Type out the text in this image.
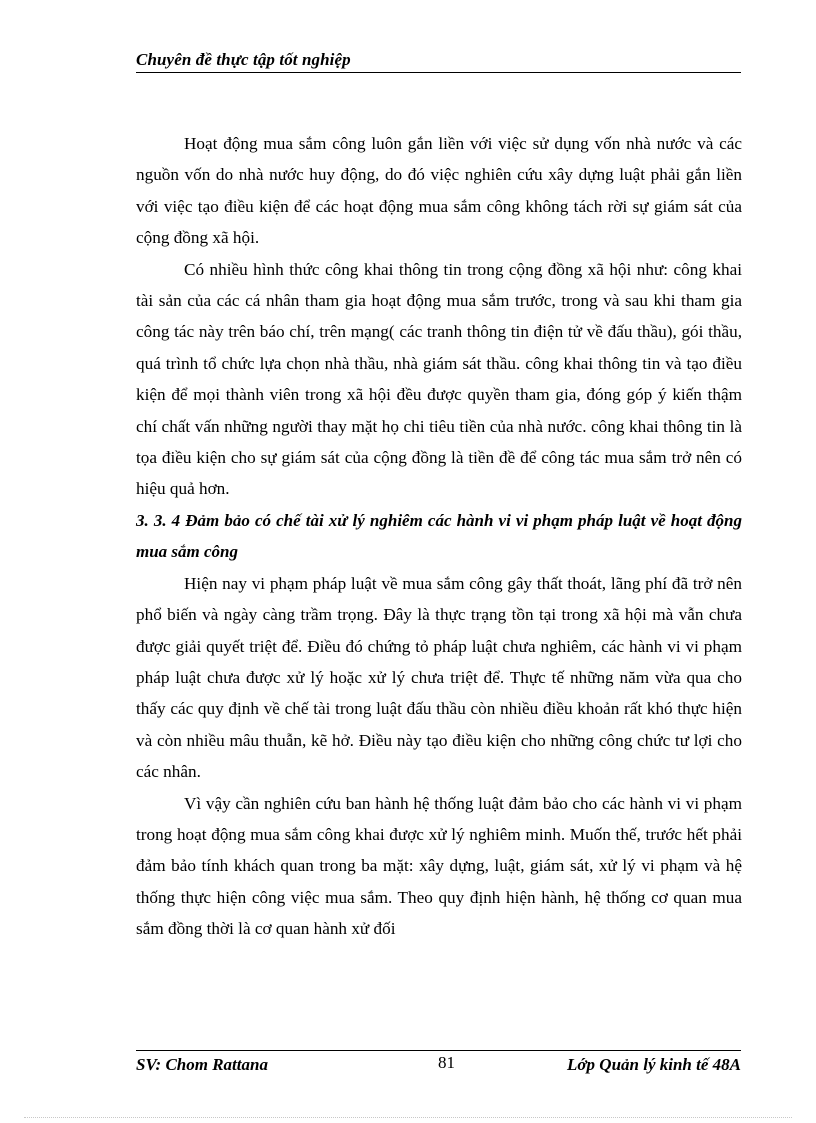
Chuyên đề thực tập tốt nghiệp

Hoạt động mua sắm công luôn gắn liền với việc sử dụng vốn nhà nước và các nguồn vốn do nhà nước huy động, do đó việc nghiên cứu xây dựng luật phải gắn liền với việc tạo điều kiện để các hoạt động mua sắm công không tách rời sự giám sát của cộng đồng xã hội.

Có nhiều hình thức công khai thông tin trong cộng đồng xã hội như: công khai tài sản của các cá nhân tham gia hoạt động mua sắm trước, trong và sau khi tham gia công tác này trên báo chí, trên mạng( các tranh thông tin điện tử về đấu thầu), gói thầu, quá trình tổ chức lựa chọn nhà thầu, nhà giám sát thầu. công khai thông tin và tạo điều kiện để mọi thành viên trong xã hội đều được quyền tham gia, đóng góp ý kiến thậm chí chất vấn những người thay mặt họ chi tiêu tiền của nhà nước. công khai thông tin là tọa điều kiện cho sự giám sát của cộng đồng là tiền đề để công tác mua sắm trở nên có hiệu quả hơn.

3. 3. 4 Đảm bảo có chế tài xử lý nghiêm các hành vi vi phạm pháp luật về hoạt động mua sắm công

Hiện nay vi phạm pháp luật về mua sắm công gây thất thoát, lãng phí đã trở nên phổ biến và ngày càng trầm trọng. Đây là thực trạng tồn tại trong xã hội mà vẫn chưa được giải quyết triệt để. Điều đó chứng tỏ pháp luật chưa nghiêm, các hành vi vi phạm pháp luật chưa được xử lý hoặc xử lý chưa triệt để. Thực tế những năm vừa qua cho thấy các quy định về chế tài trong luật đấu thầu còn nhiều điều khoản rất khó thực hiện và còn nhiều mâu thuẫn, kẽ hở. Điều này tạo điều kiện cho những công chức tư lợi cho các nhân.

Vì vậy cần nghiên cứu ban hành hệ thống luật đảm bảo cho các hành vi vi phạm trong hoạt động mua sắm công khai được xử lý nghiêm minh. Muốn thế, trước hết phải đảm bảo tính khách quan trong ba mặt: xây dựng, luật, giám sát, xử lý vi phạm và hệ thống thực hiện công việc mua sắm. Theo quy định hiện hành, hệ thống cơ quan mua sắm đồng thời là cơ quan hành xử đối

SV: Chom Rattana	81	Lớp Quản lý kinh tế 48A
